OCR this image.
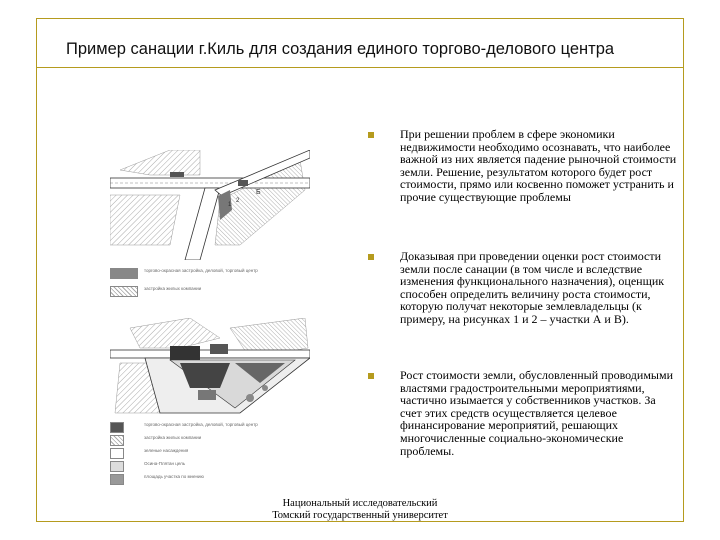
Пример санации г.Киль для создания единого торгово-делового центра
1
2
Б
торгово-окрасная застройка, деловой, торговый центр
застройка жилых компании
торгово-окрасная застройка, деловой, торговый центр
застройка жилых компании
зеленые насаждения
Осина-Плятан цель
площадь участка по мнению
При решении проблем в сфере экономики недвижимости необходимо осознавать, что наиболее важной из них является падение рыночной стоимости земли. Решение, результатом которого будет рост стоимости, прямо или косвенно поможет устранить и прочие существующие проблемы
Доказывая при проведении оценки рост стоимости земли после санации (в том числе и вследствие изменения функционального назначения), оценщик способен определить величину роста стоимости, которую получат некоторые землевладельцы (к примеру, на рисунках 1 и 2 – участки А и В).
Рост стоимости земли, обусловленный проводимыми властями градостроительными мероприятиями, частично изымается у собственников участков. За счет этих средств осуществляется целевое финансирование мероприятий, решающих многочисленные социально-экономические проблемы.
Национальный исследовательский
Томский государственный университет
